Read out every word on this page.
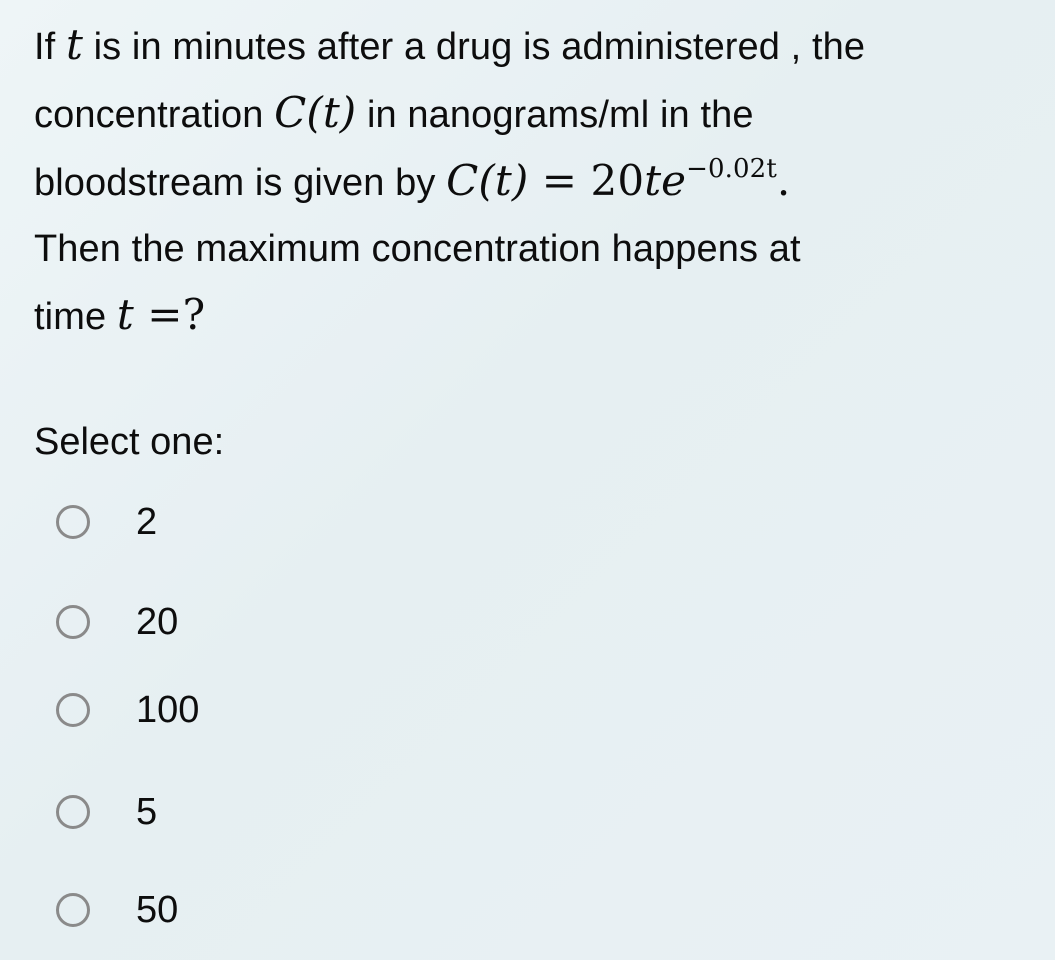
If t is in minutes after a drug is administered , the
concentration C(t) in nanograms/ml in the
bloodstream is given by $C(t) = 20te^{-0.02t}$.
Then the maximum concentration happens at
time t =?
Select one:
2
20
100
5
50
